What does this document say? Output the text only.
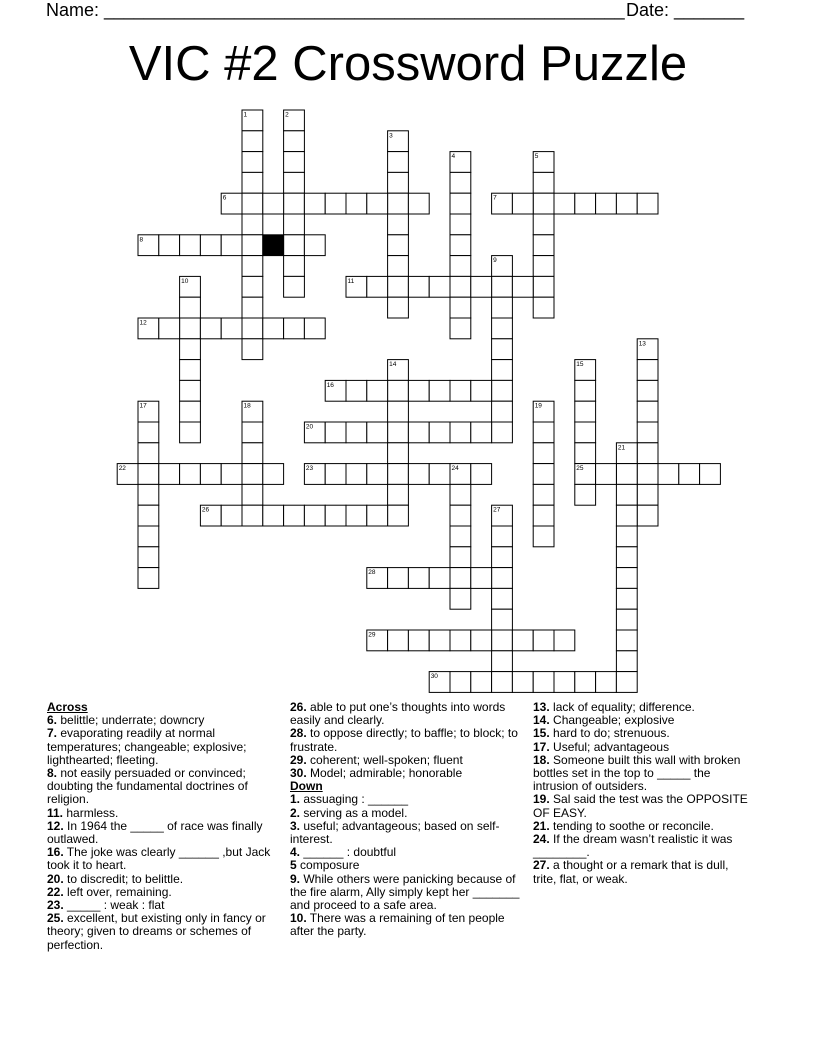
Name: ____________________________________________________ Date: _______
VIC #2 Crossword Puzzle
1	2
3
4	5
6	7
8
9
10	11
12
13
14	15
16
17	18	19
20
21
22	23	24	25
26	27
28
29
30

Across

6. belittle; underrate; downcry

7. evaporating readily at normal temperatures; changeable; explosive; lighthearted; fleeting.

8. not easily persuaded or convinced; doubting the fundamental doctrines of religion.

11. harmless.

12. In 1964 the _____ of race was finally outlawed.

16. The joke was clearly ______ ,but Jack took it to heart.

20. to discredit; to belittle.

22. left over, remaining.

23. _____ : weak : flat

25. excellent, but existing only in fancy or theory; given to dreams or schemes of perfection.

26. able to put one’s thoughts into words easily and clearly.

28. to oppose directly; to baffle; to block; to frustrate.

29. coherent; well-spoken; fluent

30. Model; admirable; honorable

Down

1. assuaging : ______

2. serving as a model.

3. useful; advantageous; based on self-interest.

4. ______ : doubtful

5 composure

9. While others were panicking because of the fire alarm, Ally simply kept her _______ and proceed to a safe area.

10. There was a remaining of ten people after the party.

13. lack of equality; difference.

14. Changeable; explosive

15. hard to do; strenuous.

17. Useful; advantageous

18. Someone built this wall with broken bottles set in the top to _____ the intrusion of outsiders.

19. Sal said the test was the OPPOSITE OF EASY.

21. tending to soothe or reconcile.

24. If the dream wasn’t realistic it was ________.

27. a thought or a remark that is dull, trite, flat, or weak.
